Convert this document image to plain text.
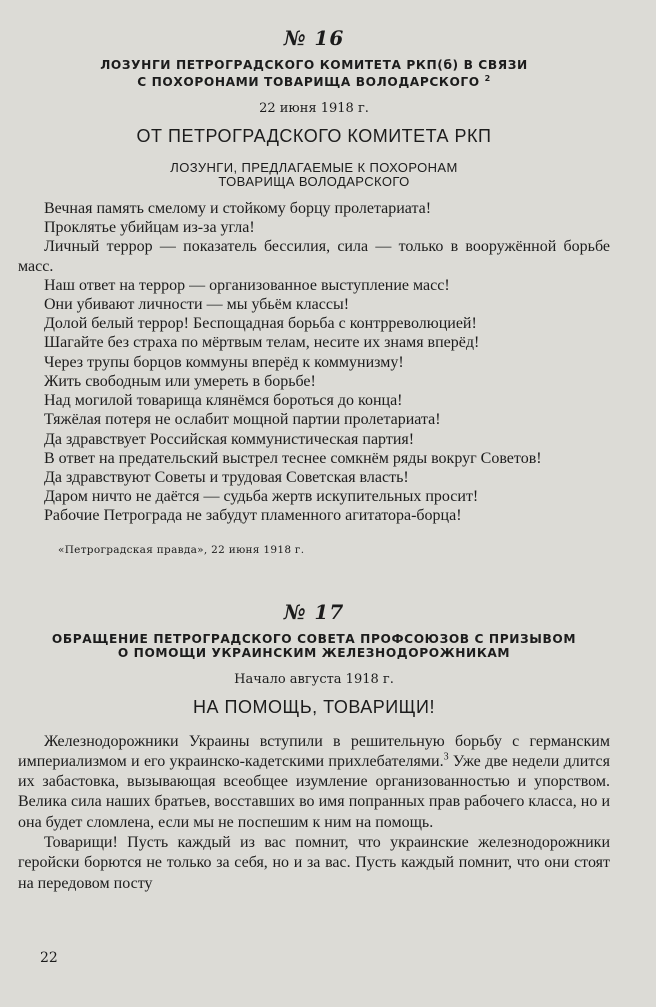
№ 16
ЛОЗУНГИ ПЕТРОГРАДСКОГО КОМИТЕТА РКП(б) В СВЯЗИ
С ПОХОРОНАМИ ТОВАРИЩА ВОЛОДАРСКОГО $^2$
22 июня 1918 г.
ОТ ПЕТРОГРАДСКОГО КОМИТЕТА РКП
ЛОЗУНГИ, ПРЕДЛАГАЕМЫЕ К ПОХОРОНАМ
ТОВАРИЩА ВОЛОДАРСКОГО
Вечная память смелому и стойкому борцу пролетариата!
Проклятье убийцам из-за угла!
Личный террор — показатель бессилия, сила — только в вооружённой борьбе масс.
Наш ответ на террор — организованное выступление масс!
Они убивают личности — мы убьём классы!
Долой белый террор! Беспощадная борьба с контрреволюцией!
Шагайте без страха по мёртвым телам, несите их знамя вперёд!
Через трупы борцов коммуны вперёд к коммунизму!
Жить свободным или умереть в борьбе!
Над могилой товарища клянёмся бороться до конца!
Тяжёлая потеря не ослабит мощной партии пролетариата!
Да здравствует Российская коммунистическая партия!
В ответ на предательский выстрел теснее сомкнём ряды вокруг Советов!
Да здравствуют Советы и трудовая Советская власть!
Даром ничто не даётся — судьба жертв искупительных просит!
Рабочие Петрограда не забудут пламенного агитатора-борца!
«Петроградская правда», 22 июня 1918 г.
№ 17
ОБРАЩЕНИЕ ПЕТРОГРАДСКОГО СОВЕТА ПРОФСОЮЗОВ С ПРИЗЫВОМ
О ПОМОЩИ УКРАИНСКИМ ЖЕЛЕЗНОДОРОЖНИКАМ
Начало августа 1918 г.
НА ПОМОЩЬ, ТОВАРИЩИ!

Железнодорожники Украины вступили в решительную борьбу с германским империализмом и его украинско-кадетскими прихлебателями.$^3$ Уже две недели длится их забастовка, вызывающая всеобщее изумление организованностью и упорством. Велика сила наших братьев, восставших во имя попранных прав рабочего класса, но и она будет сломлена, если мы не поспешим к ним на помощь.

Товарищи! Пусть каждый из вас помнит, что украинские железнодорожники геройски борются не только за себя, но и за вас. Пусть каждый помнит, что они стоят на передовом посту

22
